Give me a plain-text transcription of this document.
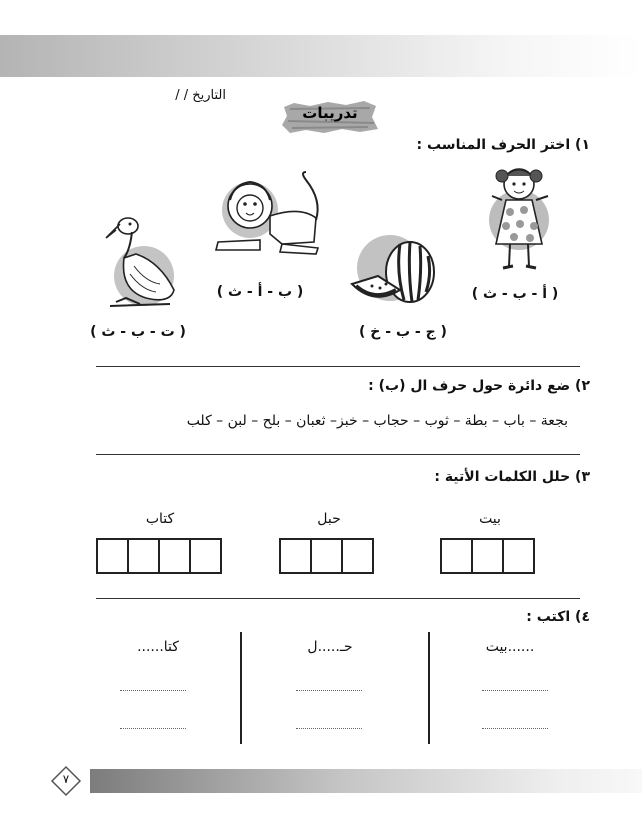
التاريخ / /
تدريبات
١) اختر الحرف المناسب :
( أ - ب - ث )
( ج - ب - خ )
( ب - أ - ث )
( ت - ب - ث )
٢) ضع دائرة حول حرف ال (ب) :
بجعة – باب – بطة – ثوب – حجاب – خبز– ثعبان – بلح – لبن – كلب
٣) حلل الكلمات الأتية :
بيت
حبل
كتاب
٤) اكتب :
......بيت
حـ.....ل
كتا......
٧
